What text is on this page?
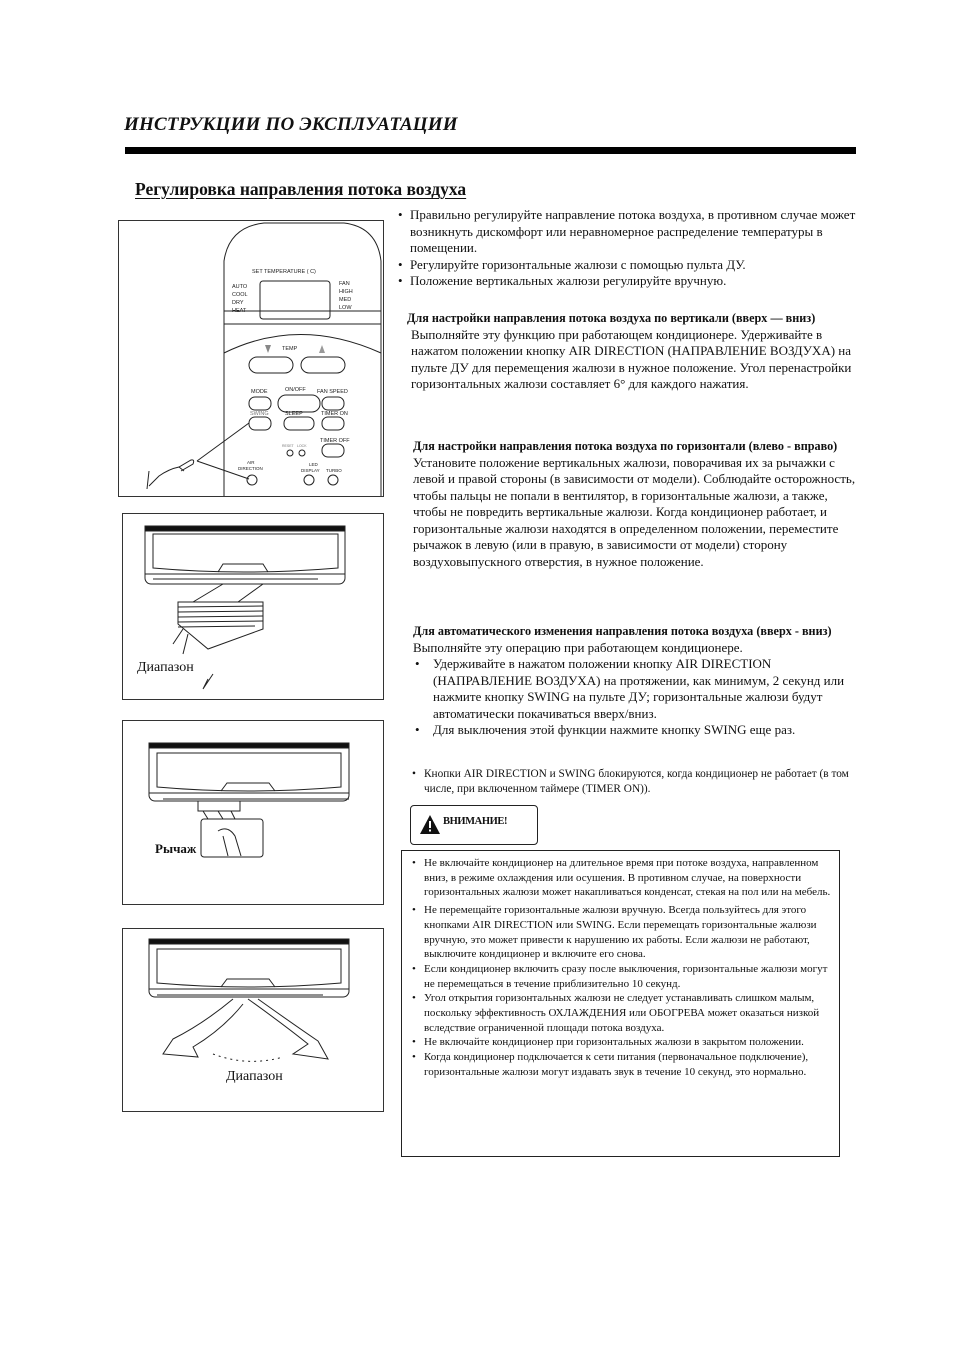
ИНСТРУКЦИИ ПО ЭКСПЛУАТАЦИИ
Регулировка направления потока воздуха
SET TEMPERATURE ( C)
AUTO
COOL
DRY
HEAT
FAN
HIGH
MED
LOW
TEMP
MODE	ON/OFF FAN SPEED
SWING	SLEEP	TIMER ON
TIMER OFF
RESET LOCK
AIR
DIRECTION
LED
DISPLAY TURBO
Диапазон
Рычаж
Диапазон
• Правильно регулируйте направление потока воздуха, в противном случае может возникнуть дискомфорт или неравномерное распределение температуры в помещении.
• Регулируйте горизонтальные жалюзи с помощью пульта ДУ.
• Положение вертикальных жалюзи регулируйте вручную.
Для настройки направления потока воздуха по вертикали (вверх — вниз)
Выполняйте эту функцию при работающем кондиционере. Удерживайте в нажатом положении кнопку AIR DIRECTION (НАПРАВЛЕНИЕ ВОЗДУХА) на пульте ДУ для перемещения жалюзи в нужное положение. Угол перенастройки горизонтальных жалюзи составляет 6° для каждого нажатия.
Для настройки направления потока воздуха по горизонтали (влево - вправо)
Установите положение вертикальных жалюзи, поворачивая их за рычажки с левой и правой стороны (в зависимости от модели). Соблюдайте осторожность, чтобы пальцы не попали в вентилятор, в горизонтальные жалюзи, а также, чтобы не повредить вертикальные жалюзи. Когда кондиционер работает, и горизонтальные жалюзи находятся в определенном положении, переместите рычажок в левую (или в правую, в зависимости от модели) сторону воздуховыпускного отверстия, в нужное положение.
Для автоматического изменения направления потока воздуха (вверх - вниз)
Выполняйте эту операцию при работающем кондиционере.
• Удерживайте в нажатом положении кнопку AIR DIRECTION (НАПРАВЛЕНИЕ ВОЗДУХА) на протяжении, как минимум, 2 секунд или нажмите кнопку SWING на пульте ДУ; горизонтальные жалюзи будут автоматически покачиваться вверх/вниз.
• Для выключения этой функции нажмите кнопку SWING еще раз.
• Кнопки AIR DIRECTION и SWING блокируются, когда кондиционер не работает (в том числе, при включенном таймере (TIMER ON)).
ВНИМАНИЕ!
• Не включайте кондиционер на длительное время при потоке воздуха, направленном вниз, в режиме охлаждения или осушения. В противном случае, на поверхности горизонтальных жалюзи может накапливаться конденсат, стекая на пол или на мебель.
• Не перемещайте горизонтальные жалюзи вручную. Всегда пользуйтесь для этого кнопками AIR DIRECTION или SWING. Если перемещать горизонтальные жалюзи вручную, это может привести к нарушению их работы. Если жалюзи не работают, выключите кондиционер и включите его снова.
• Если кондиционер включить сразу после выключения, горизонтальные жалюзи могут не перемещаться в течение приблизительно 10 секунд.
• Угол открытия горизонтальных жалюзи не следует устанавливать слишком малым, поскольку эффективность ОХЛАЖДЕНИЯ или ОБОГРЕВА может оказаться низкой вследствие ограниченной площади потока воздуха.
• Не включайте кондиционер при горизонтальных жалюзи в закрытом положении.
• Когда кондиционер подключается к сети питания (первоначальное подключение), горизонтальные жалюзи могут издавать звук в течение 10 секунд, это нормально.
